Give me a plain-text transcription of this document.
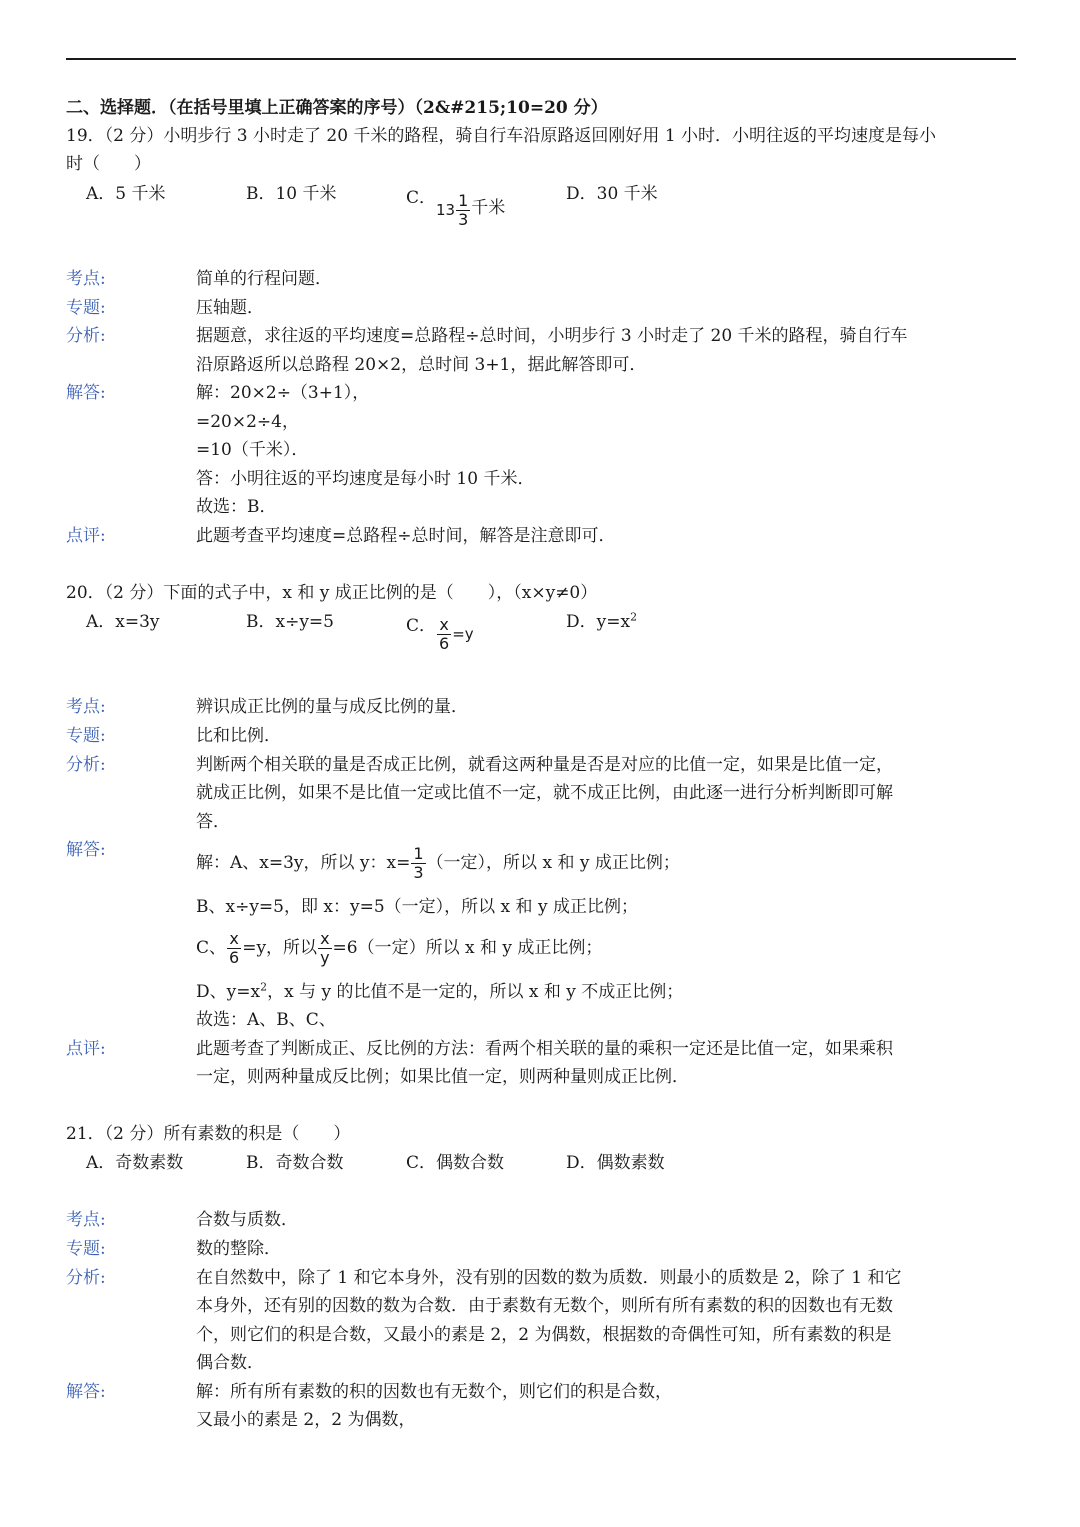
二、选择题．（在括号里填上正确答案的序号）（2&#215;10=20 分）
19．（2 分）小明步行 3 小时走了 20 千米的路程，骑自行车沿原路返回刚好用 1 小时．小明往返的平均速度是每小
时（　　）
A．5 千米	B．10 千米	C．$13 \frac{1}{3}$ 千米
D．30 千米
考点:	简单的行程问题．
专题:	压轴题．
分析:	据题意，求往返的平均速度=总路程÷总时间，小明步行 3 小时走了 20 千米的路程，骑自行车
沿原路返所以总路程 20×2，总时间 3+1，据此解答即可．
解答:	解：20×2÷（3+1），
=20×2÷4，
=10（千米）．
答：小明往返的平均速度是每小时 10 千米．
故选：B．
点评:	此题考查平均速度=总路程÷总时间，解答是注意即可．
20．（2 分）下面的式子中，x 和 y 成正比例的是（　　），（x×y≠0）
A．x=3y	B．x÷y=5	C． $\frac{x}{6} =y$
D．$y=x^2$
考点:	辨识成正比例的量与成反比例的量．
专题:	比和比例．
分析:	判断两个相关联的量是否成正比例，就看这两种量是否是对应的比值一定，如果是比值一定，
就成正比例，如果不是比值一定或比值不一定，就不成正比例，由此逐一进行分析判断即可解
答．
解答:
解：A、x=3y，所以 y：$x= \frac{1}{3}$ （一定），所以 x 和 y 成正比例；
B、x÷y=5，即 x：y=5（一定），所以 x 和 y 成正比例；
C、 $\frac{x}{6} =y$，所以 $\frac{x}{y} =6$（一定）所以 x 和 y 成正比例；
D、$y=x^2$，x 与 y 的比值不是一定的，所以 x 和 y 不成正比例；
故选：A、B、C、
点评:	此题考查了判断成正、反比例的方法：看两个相关联的量的乘积一定还是比值一定，如果乘积
一定，则两种量成反比例；如果比值一定，则两种量则成正比例．
21．（2 分）所有素数的积是（　　）
A．奇数素数	B．奇数合数	C．偶数合数	D．偶数素数
考点:	合数与质数．
专题:	数的整除．
分析:	在自然数中，除了 1 和它本身外，没有别的因数的数为质数．则最小的质数是 2，除了 1 和它
本身外，还有别的因数的数为合数．由于素数有无数个，则所有所有素数的积的因数也有无数
个，则它们的积是合数，又最小的素是 2，2 为偶数，根据数的奇偶性可知，所有素数的积是
偶合数．
解答:	解：所有所有素数的积的因数也有无数个，则它们的积是合数，
又最小的素是 2，2 为偶数，
